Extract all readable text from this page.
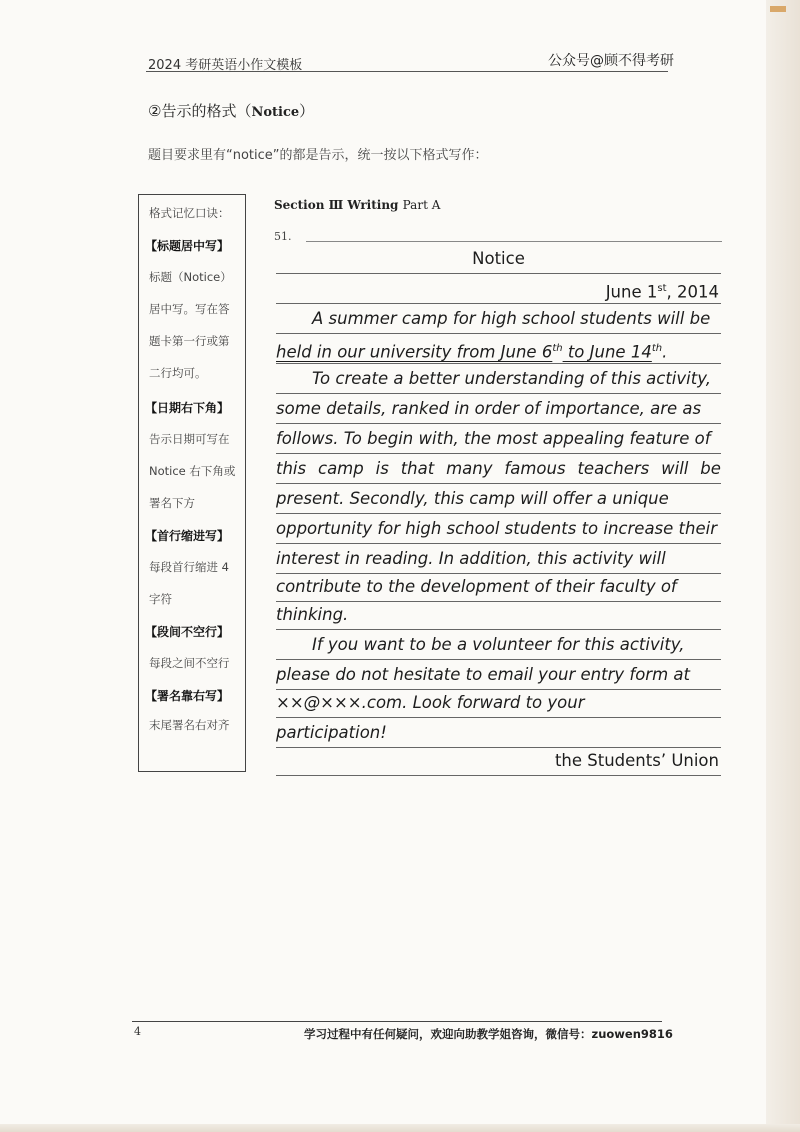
2024 考研英语小作文模板	公众号@顾不得考研
②告示的格式（Notice）
题目要求里有“notice”的都是告示，统一按以下格式写作：
格式记忆口诀：
【标题居中写】
标题（Notice）
居中写。写在答
题卡第一行或第
二行均可。
【日期右下角】
告示日期可写在
Notice 右下角或
署名下方
【首行缩进写】
每段首行缩进 4
字符
【段间不空行】
每段之间不空行
【署名靠右写】
末尾署名右对齐
Section Ⅲ Writing Part A
51.
Notice
June 1st, 2014
A summer camp for high school students will be
held in our university from June 6th to June 14th.
To create a better understanding of this activity,
some details, ranked in order of importance, are as
follows. To begin with, the most appealing feature of
this camp is that many famous teachers will be
present. Secondly, this camp will offer a unique
opportunity for high school students to increase their
interest in reading. In addition, this activity will
contribute to the development of their faculty of
thinking.
If you want to be a volunteer for this activity,
please do not hesitate to email your entry form at
××@×××.com. Look forward to your
participation!
the Students’ Union
4	学习过程中有任何疑问，欢迎向助教学姐咨询，微信号：zuowen9816
